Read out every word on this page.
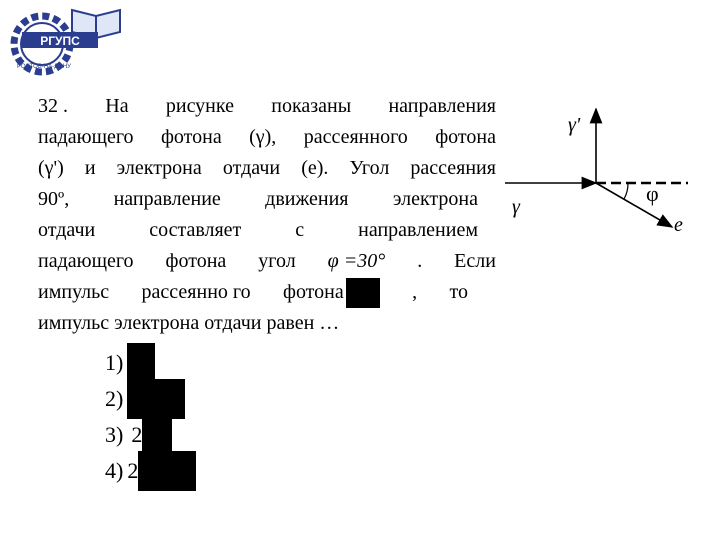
РГУПС
РОСТОВ-НА-ДОНУ
32 . На рисунке показаны направления
падающего фотона (γ), рассеянного фотона
(γ') и электрона отдачи (e). Угол рассеяния
90º, направление движения электрона
отдачи	составляет	с	направлением
падающего фотона угол φ =30° . Если
импульс рассеянно го фотона	, то
импульс электрона отдачи равен …
1)
2)
3) 2
4) 2
γ
γ'
φ
e
